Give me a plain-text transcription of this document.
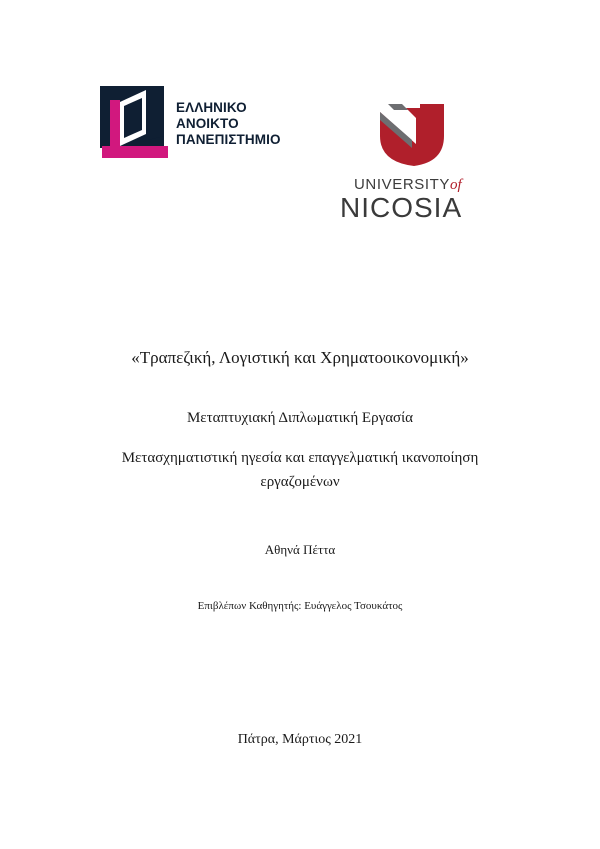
ΕΛΛΗΝΙΚΟ
ΑΝΟΙΚΤΟ
ΠΑΝΕΠΙΣΤΗΜΙΟ
UNIVERSITYof
NICOSIA
«Τραπεζική, Λογιστική και Χρηματοοικονομική»
Μεταπτυχιακή Διπλωματική Εργασία
Μετασχηματιστική ηγεσία και επαγγελματική ικανοποίηση
εργαζομένων
Αθηνά Πέττα
Επιβλέπων Καθηγητής: Ευάγγελος Τσουκάτος
Πάτρα, Μάρτιος 2021
